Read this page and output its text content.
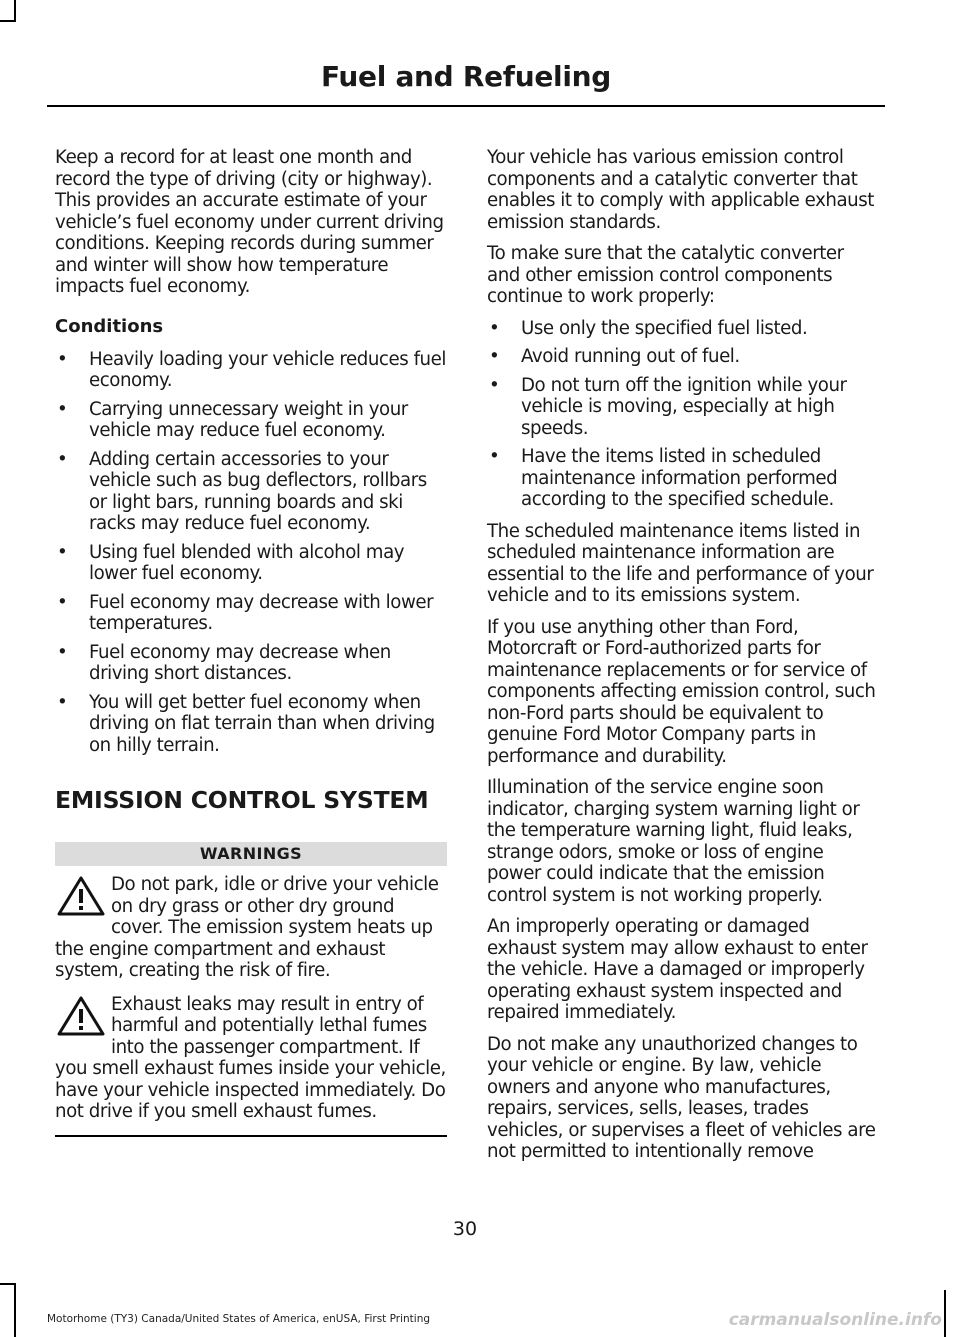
Fuel and Refueling

Keep a record for at least one month and record the type of driving (city or highway). This provides an accurate estimate of your vehicle’s fuel economy under current driving conditions. Keeping records during summer and winter will show how temperature impacts fuel economy.

Conditions
• Heavily loading your vehicle reduces fuel economy.
• Carrying unnecessary weight in your vehicle may reduce fuel economy.
• Adding certain accessories to your vehicle such as bug deflectors, rollbars or light bars, running boards and ski racks may reduce fuel economy.
• Using fuel blended with alcohol may lower fuel economy.
• Fuel economy may decrease with lower temperatures.
• Fuel economy may decrease when driving short distances.
• You will get better fuel economy when driving on flat terrain than when driving on hilly terrain.
EMISSION CONTROL SYSTEM
WARNINGS

Do not park, idle or drive your vehicle on dry grass or other dry ground cover. The emission system heats up the engine compartment and exhaust system, creating the risk of fire.

Exhaust leaks may result in entry of harmful and potentially lethal fumes into the passenger compartment. If you smell exhaust fumes inside your vehicle, have your vehicle inspected immediately. Do not drive if you smell exhaust fumes.

Your vehicle has various emission control components and a catalytic converter that enables it to comply with applicable exhaust emission standards.

To make sure that the catalytic converter and other emission control components continue to work properly:

• Use only the specified fuel listed.
• Avoid running out of fuel.
• Do not turn off the ignition while your vehicle is moving, especially at high speeds.
• Have the items listed in scheduled maintenance information performed according to the specified schedule.

The scheduled maintenance items listed in scheduled maintenance information are essential to the life and performance of your vehicle and to its emissions system.

If you use anything other than Ford, Motorcraft or Ford-authorized parts for maintenance replacements or for service of components affecting emission control, such non-Ford parts should be equivalent to genuine Ford Motor Company parts in performance and durability.

Illumination of the service engine soon indicator, charging system warning light or the temperature warning light, fluid leaks, strange odors, smoke or loss of engine power could indicate that the emission control system is not working properly.

An improperly operating or damaged exhaust system may allow exhaust to enter the vehicle. Have a damaged or improperly operating exhaust system inspected and repaired immediately.

Do not make any unauthorized changes to your vehicle or engine. By law, vehicle owners and anyone who manufactures, repairs, services, sells, leases, trades vehicles, or supervises a fleet of vehicles are not permitted to intentionally remove

30
Motorhome (TY3) Canada/United States of America, enUSA, First Printing	carmanualsonline.info
